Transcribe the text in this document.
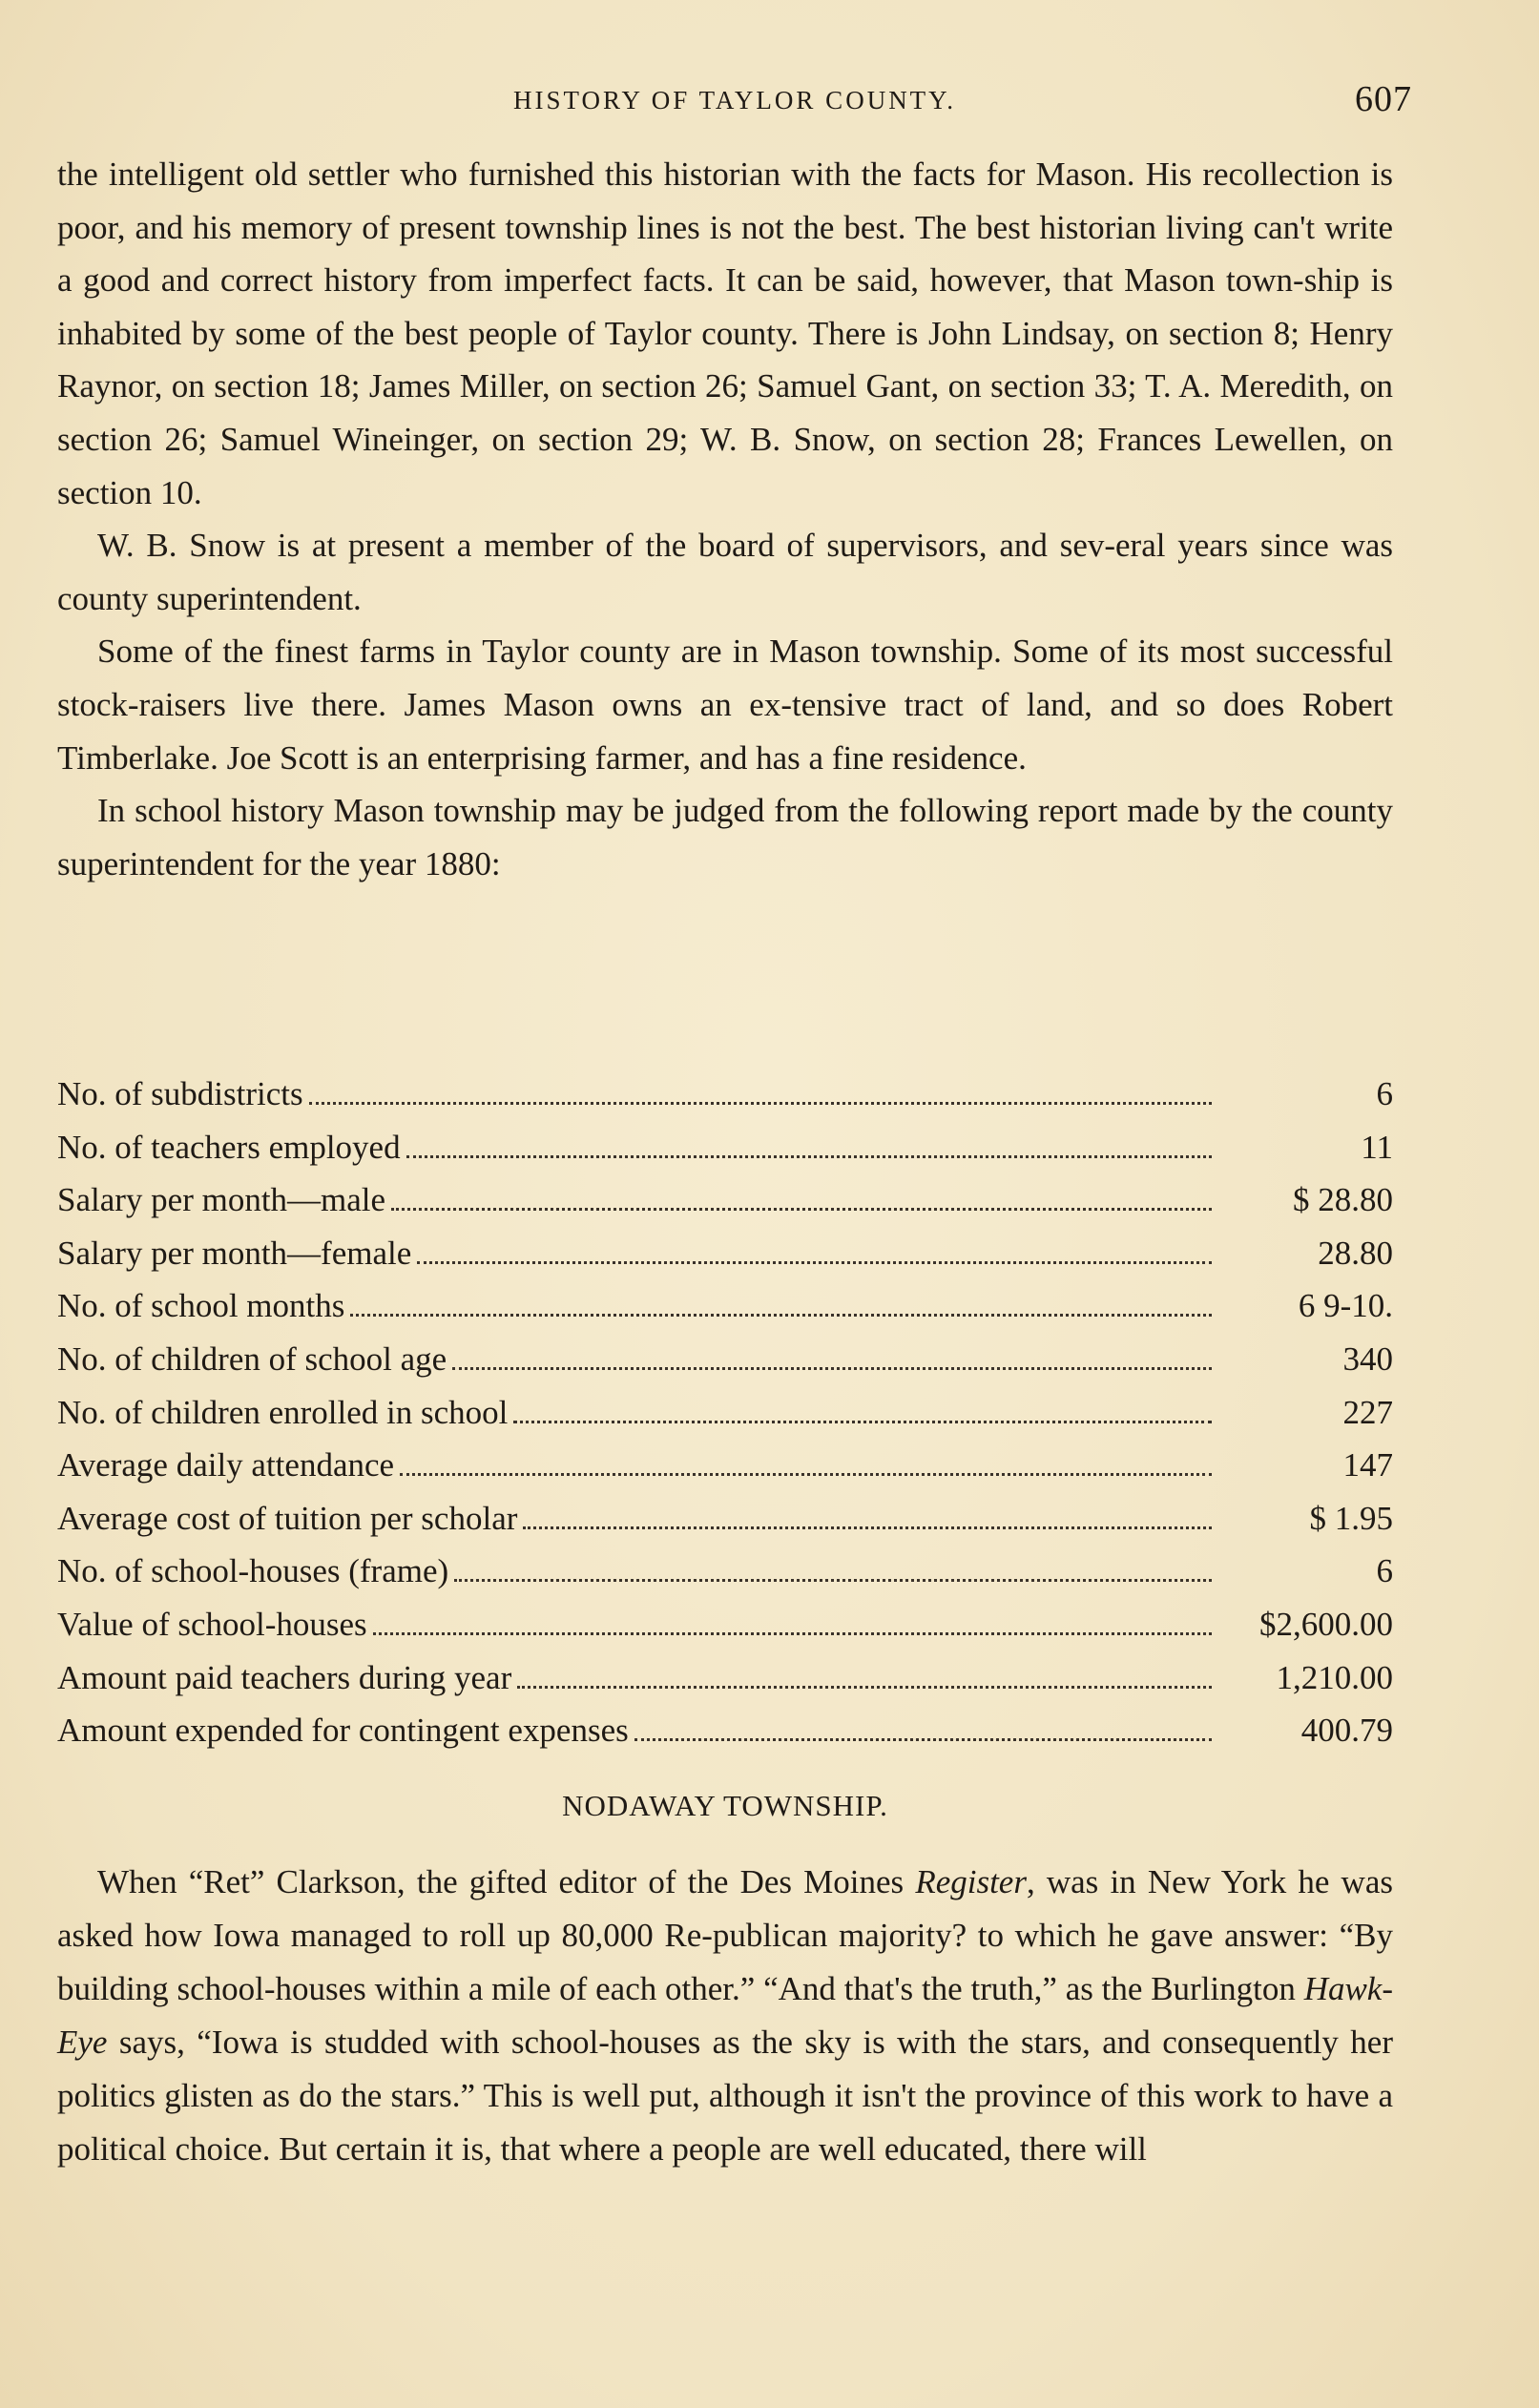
HISTORY OF TAYLOR COUNTY.	607

the intelligent old settler who furnished this historian with the facts for Mason. His recollection is poor, and his memory of present township lines is not the best. The best historian living can't write a good and correct history from imperfect facts. It can be said, however, that Mason town-ship is inhabited by some of the best people of Taylor county. There is John Lindsay, on section 8; Henry Raynor, on section 18; James Miller, on section 26; Samuel Gant, on section 33; T. A. Meredith, on section 26; Samuel Wineinger, on section 29; W. B. Snow, on section 28; Frances Lewellen, on section 10.

W. B. Snow is at present a member of the board of supervisors, and sev-eral years since was county superintendent.

Some of the finest farms in Taylor county are in Mason township. Some of its most successful stock-raisers live there. James Mason owns an ex-tensive tract of land, and so does Robert Timberlake. Joe Scott is an enterprising farmer, and has a fine residence.

In school history Mason township may be judged from the following report made by the county superintendent for the year 1880:

No. of subdistricts	6
No. of teachers employed	11
Salary per month—male	$ 28.80
Salary per month—female	28.80
No. of school months	6 9-10.
No. of children of school age	340
No. of children enrolled in school	227
Average daily attendance	147
Average cost of tuition per scholar	$ 1.95
No. of school-houses (frame)	6
Value of school-houses	$2,600.00
Amount paid teachers during year	1,210.00
Amount expended for contingent expenses	400.79
NODAWAY TOWNSHIP.

When “Ret” Clarkson, the gifted editor of the Des Moines Register, was in New York he was asked how Iowa managed to roll up 80,000 Re-publican majority? to which he gave answer: “By building school-houses within a mile of each other.” “And that's the truth,” as the Burlington Hawk-Eye says, “Iowa is studded with school-houses as the sky is with the stars, and consequently her politics glisten as do the stars.” This is well put, although it isn't the province of this work to have a political choice. But certain it is, that where a people are well educated, there will
